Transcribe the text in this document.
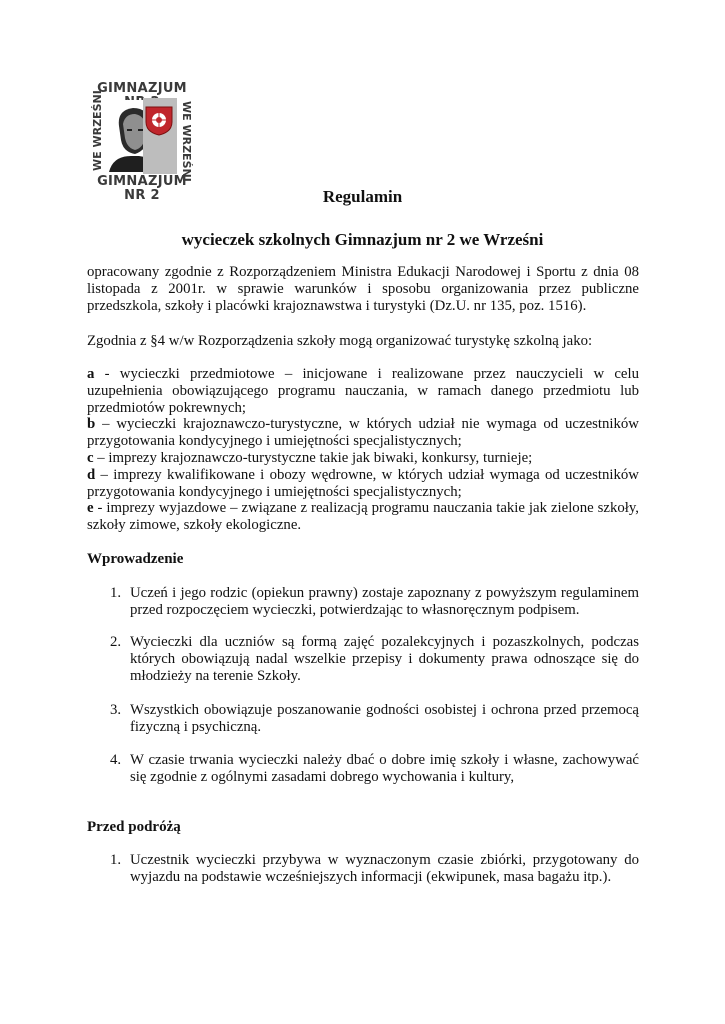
GIMNAZJUM
WE WRZEŚNI	WE WRZEŚNI
GIMNAZJUM NR 2	Regulamin
wycieczek szkolnych Gimnazjum nr 2 we Wrześni

opracowany zgodnie z Rozporządzeniem Ministra Edukacji Narodowej i Sportu z dnia 08 listopada z 2001r. w sprawie warunków i sposobu organizowania przez publiczne przedszkola, szkoły i placówki krajoznawstwa i turystyki (Dz.U. nr 135, poz. 1516).

Zgodnia z §4 w/w Rozporządzenia szkoły mogą organizować turystykę szkolną jako:

a - wycieczki przedmiotowe – inicjowane i realizowane przez nauczycieli w celu uzupełnienia obowiązującego programu nauczania, w ramach danego przedmiotu lub przedmiotów pokrewnych;
b – wycieczki krajoznawczo-turystyczne, w których udział nie wymaga od uczestników przygotowania kondycyjnego i umiejętności specjalistycznych;
c – imprezy krajoznawczo-turystyczne takie jak biwaki, konkursy, turnieje;
d – imprezy kwalifikowane i obozy wędrowne, w których udział wymaga od uczestników przygotowania kondycyjnego i umiejętności specjalistycznych;
e - imprezy wyjazdowe – związane z realizacją programu nauczania takie jak zielone szkoły, szkoły zimowe, szkoły ekologiczne.
Wprowadzenie
1. Uczeń i jego rodzic (opiekun prawny) zostaje zapoznany z powyższym regulaminem przed rozpoczęciem wycieczki, potwierdzając to własnoręcznym podpisem.
2. Wycieczki dla uczniów są formą zajęć pozalekcyjnych i pozaszkolnych, podczas których obowiązują nadal wszelkie przepisy i dokumenty prawa odnoszące się do młodzieży na terenie Szkoły.
3. Wszystkich obowiązuje poszanowanie godności osobistej i ochrona przed przemocą fizyczną i psychiczną.
4. W czasie trwania wycieczki należy dbać o dobre imię szkoły i własne, zachowywać się zgodnie z ogólnymi zasadami dobrego wychowania i kultury,
Przed podróżą
1. Uczestnik wycieczki przybywa w wyznaczonym czasie zbiórki, przygotowany do wyjazdu na podstawie wcześniejszych informacji (ekwipunek, masa bagażu itp.).
